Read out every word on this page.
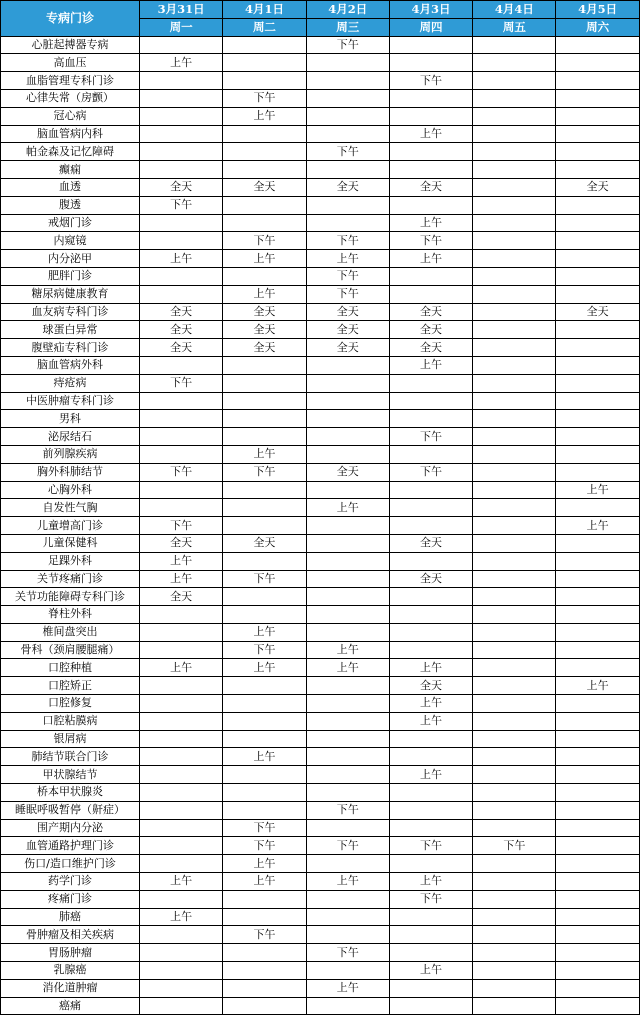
专病门诊	3月31日	4月1日	4月2日	4月3日	4月4日	4月5日
	周一	周二	周三	周四	周五	周六
心脏起搏器专病			下午			
高血压	上午					
血脂管理专科门诊				下午		
心律失常（房颤）		下午				
冠心病		上午				
脑血管病内科				上午		
帕金森及记忆障碍			下午			
癫痫						
血透	全天	全天	全天	全天		全天
腹透	下午					
戒烟门诊				上午		
内窥镜		下午	下午	下午		
内分泌甲	上午	上午	上午	上午		
肥胖门诊			下午			
糖尿病健康教育		上午	下午			
血友病专科门诊	全天	全天	全天	全天		全天
球蛋白异常	全天	全天	全天	全天		
腹壁疝专科门诊	全天	全天	全天	全天		
脑血管病外科				上午		
痔疮病	下午					
中医肿瘤专科门诊						
男科						
泌尿结石				下午		
前列腺疾病		上午				
胸外科肺结节	下午	下午	全天	下午		
心胸外科						上午
自发性气胸			上午			
儿童增高门诊	下午					上午
儿童保健科	全天	全天		全天		
足踝外科	上午					
关节疼痛门诊	上午	下午		全天		
关节功能障碍专科门诊	全天					
脊柱外科						
椎间盘突出		上午				
骨科（颈肩腰腿痛）		下午	上午			
口腔种植	上午	上午	上午	上午		
口腔矫正				全天		上午
口腔修复				上午		
口腔粘膜病				上午		
银屑病						
肺结节联合门诊		上午				
甲状腺结节				上午		
桥本甲状腺炎						
睡眠呼吸暂停（鼾症）			下午			
围产期内分泌		下午				
血管通路护理门诊		下午	下午	下午	下午	
伤口/造口维护门诊		上午				
药学门诊	上午	上午	上午	上午		
疼痛门诊				下午		
肺癌	上午					
骨肿瘤及相关疾病		下午				
胃肠肿瘤			下午			
乳腺癌				上午		
消化道肿瘤			上午			
癌痛						
